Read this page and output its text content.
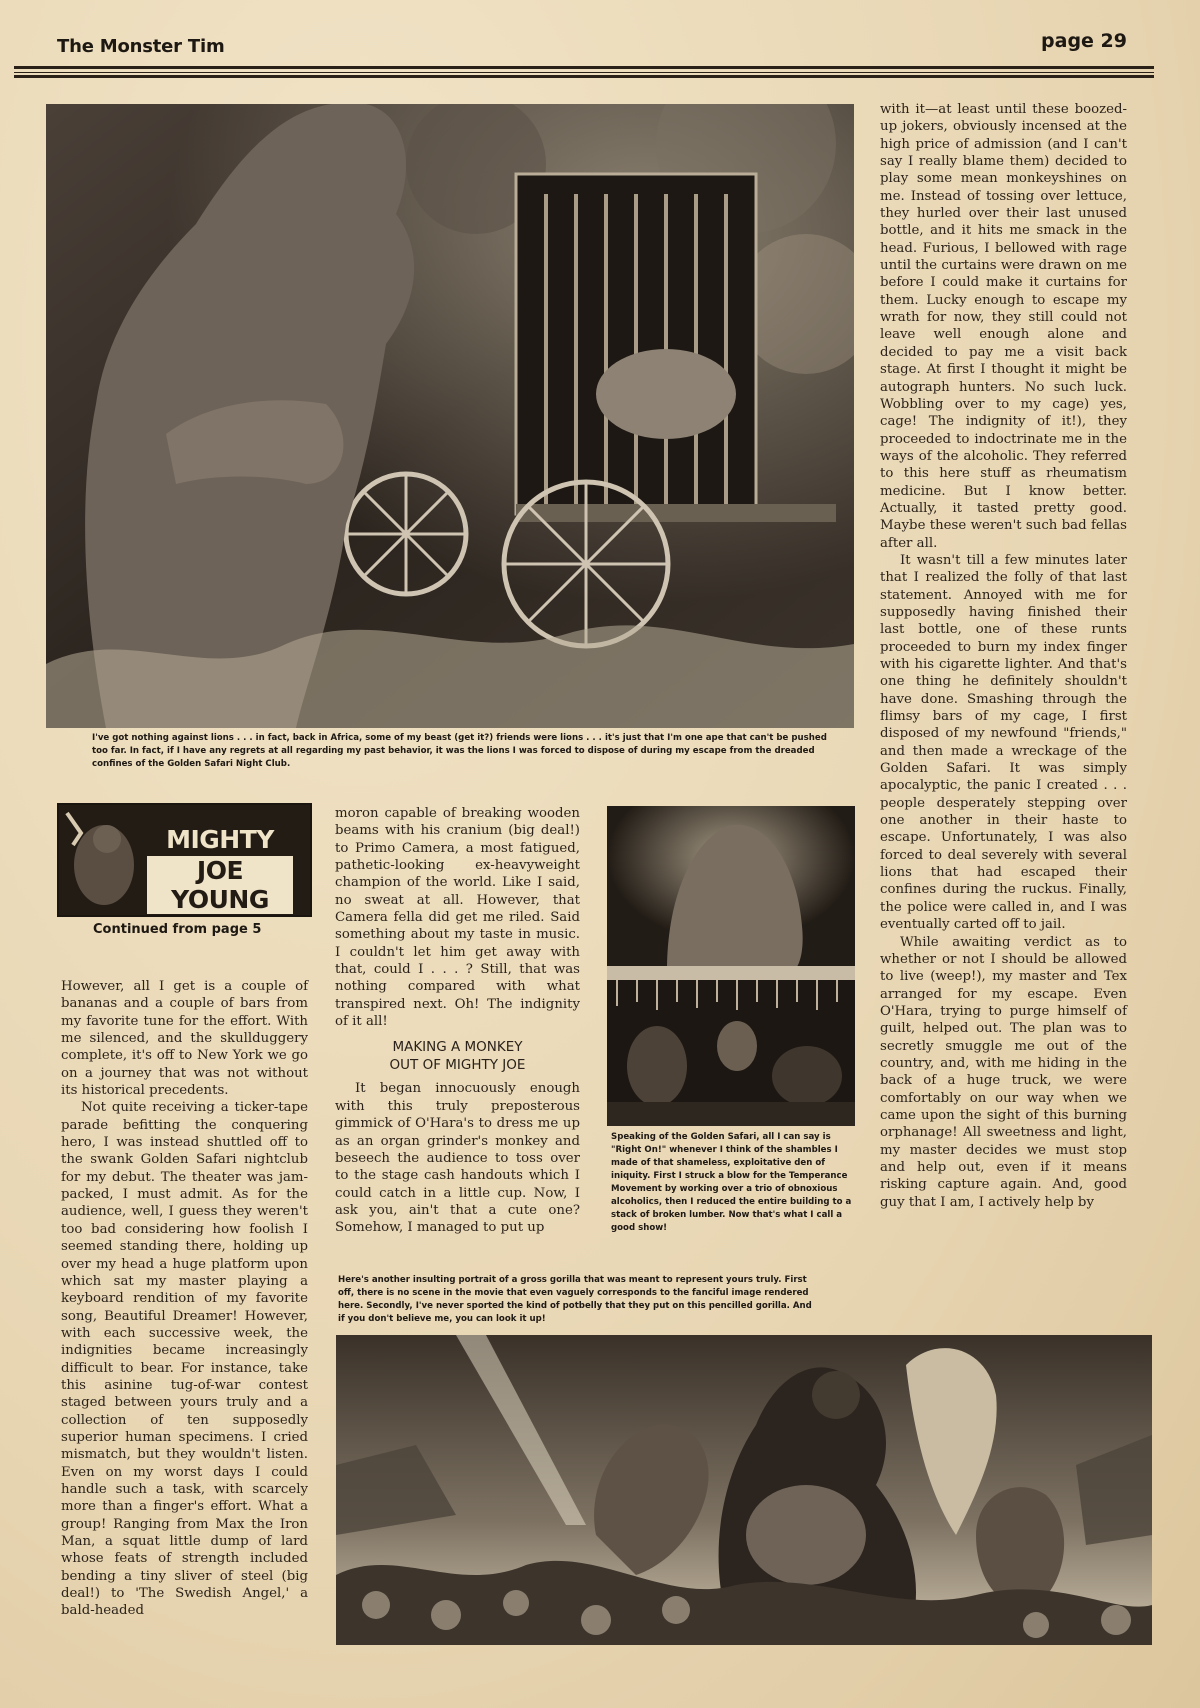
The Monster Tim	page 29
I've got nothing against lions . . . in fact, back in Africa, some of my beast (get it?) friends were lions . . . it's just that I'm one ape that can't be pushed too far. In fact, if I have any regrets at all regarding my past behavior, it was the lions I was forced to dispose of during my escape from the dreaded confines of the Golden Safari Night Club.
MIGHTY
JOE YOUNG
Continued from page 5

However, all I get is a couple of bananas and a couple of bars from my favorite tune for the effort. With me silenced, and the skullduggery complete, it's off to New York we go on a journey that was not without its historical precedents.

Not quite receiving a ticker-tape parade befitting the conquering hero, I was instead shuttled off to the swank Golden Safari nightclub for my debut. The theater was jam-packed, I must admit. As for the audience, well, I guess they weren't too bad considering how foolish I seemed standing there, holding up over my head a huge platform upon which sat my master playing a keyboard rendition of my favorite song, Beautiful Dreamer! However, with each successive week, the indignities became increasingly difficult to bear. For instance, take this asinine tug-of-war contest staged between yours truly and a collection of ten supposedly superior human specimens. I cried mismatch, but they wouldn't listen. Even on my worst days I could handle such a task, with scarcely more than a finger's effort. What a group! Ranging from Max the Iron Man, a squat little dump of lard whose feats of strength included bending a tiny sliver of steel (big deal!) to 'The Swedish Angel,' a bald-headed

moron capable of breaking wooden beams with his cranium (big deal!) to Primo Camera, a most fatigued, pathetic-looking ex-heavyweight champion of the world. Like I said, no sweat at all. However, that Camera fella did get me riled. Said something about my taste in music. I couldn't let him get away with that, could I . . . ? Still, that was nothing compared with what transpired next. Oh! The indignity of it all!

MAKING A MONKEY
OUT OF MIGHTY JOE

It began innocuously enough with this truly preposterous gimmick of O'Hara's to dress me up as an organ grinder's monkey and beseech the audience to toss over to the stage cash handouts which I could catch in a little cup. Now, I ask you, ain't that a cute one? Somehow, I managed to put up

Speaking of the Golden Safari, all I can say is "Right On!" whenever I think of the shambles I made of that shameless, exploitative den of iniquity. First I struck a blow for the Temperance Movement by working over a trio of obnoxious alcoholics, then I reduced the entire building to a stack of broken lumber. Now that's what I call a good show!

with it—at least until these boozed-up jokers, obviously incensed at the high price of admission (and I can't say I really blame them) decided to play some mean monkeyshines on me. Instead of tossing over lettuce, they hurled over their last unused bottle, and it hits me smack in the head. Furious, I bellowed with rage until the curtains were drawn on me before I could make it curtains for them. Lucky enough to escape my wrath for now, they still could not leave well enough alone and decided to pay me a visit back stage. At first I thought it might be autograph hunters. No such luck. Wobbling over to my cage) yes, cage! The indignity of it!), they proceeded to indoctrinate me in the ways of the alcoholic. They referred to this here stuff as rheumatism medicine. But I know better. Actually, it tasted pretty good. Maybe these weren't such bad fellas after all.

It wasn't till a few minutes later that I realized the folly of that last statement. Annoyed with me for supposedly having finished their last bottle, one of these runts proceeded to burn my index finger with his cigarette lighter. And that's one thing he definitely shouldn't have done. Smashing through the flimsy bars of my cage, I first disposed of my newfound "friends," and then made a wreckage of the Golden Safari. It was simply apocalyptic, the panic I created . . . people desperately stepping over one another in their haste to escape. Unfortunately, I was also forced to deal severely with several lions that had escaped their confines during the ruckus. Finally, the police were called in, and I was eventually carted off to jail.

While awaiting verdict as to whether or not I should be allowed to live (weep!), my master and Tex arranged for my escape. Even O'Hara, trying to purge himself of guilt, helped out. The plan was to secretly smuggle me out of the country, and, with me hiding in the back of a huge truck, we were comfortably on our way when we came upon the sight of this burning orphanage! All sweetness and light, my master decides we must stop and help out, even if it means risking capture again. And, good guy that I am, I actively help by

Here's another insulting portrait of a gross gorilla that was meant to represent yours truly. First off, there is no scene in the movie that even vaguely corresponds to the fanciful image rendered here. Secondly, I've never sported the kind of potbelly that they put on this pencilled gorilla. And if you don't believe me, you can look it up!
